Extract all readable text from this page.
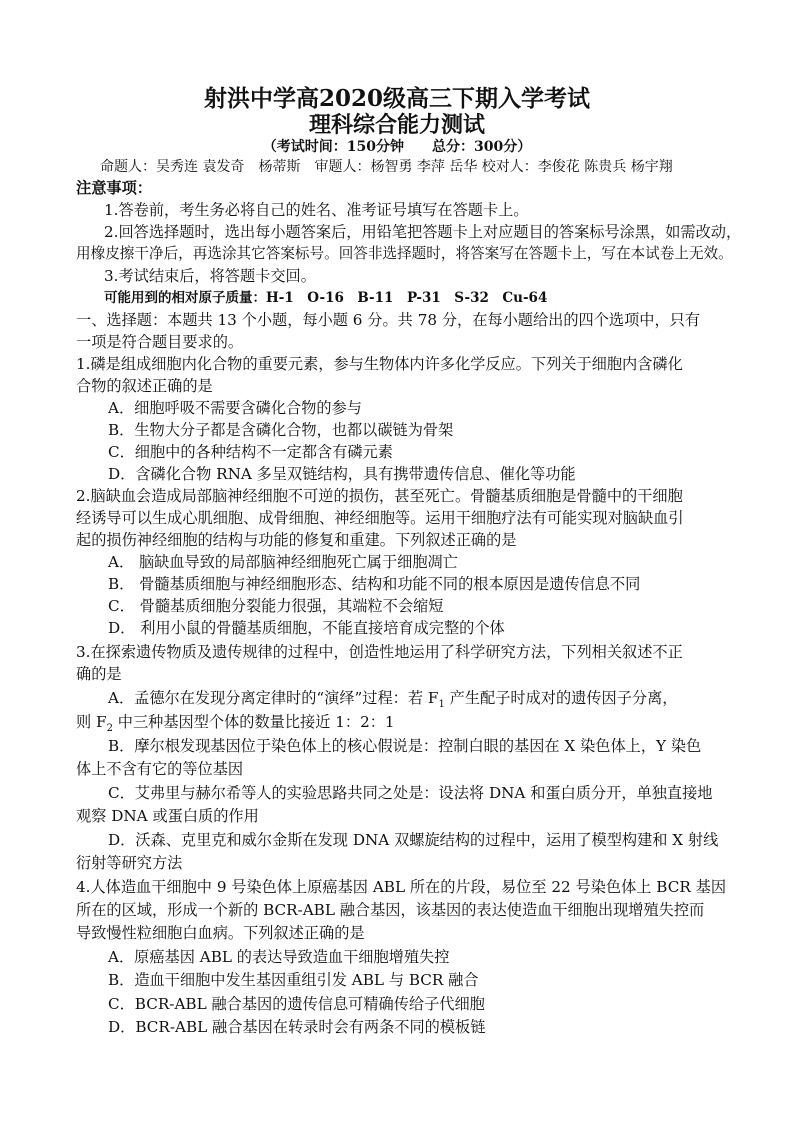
射洪中学高2020级高三下期入学考试
理科综合能力测试
（考试时间：150分钟　　总分：300分）
命题人：吴秀连 袁发奇　杨蒂斯　审题人：杨智勇 李萍 岳华 校对人：李俊花 陈贵兵 杨宇翔
注意事项：
1.答卷前，考生务必将自己的姓名、准考证号填写在答题卡上。
2.回答选择题时，选出每小题答案后，用铅笔把答题卡上对应题目的答案标号涂黑，如需改动，
用橡皮擦干净后，再选涂其它答案标号。回答非选择题时，将答案写在答题卡上，写在本试卷上无效。
3.考试结束后，将答题卡交回。
可能用到的相对原子质量：H-1　O-16　B-11　P-31　S-32　Cu-64
一、选择题：本题共 13 个小题，每小题 6 分。共 78 分，在每小题给出的四个选项中，只有
一项是符合题目要求的。
1.磷是组成细胞内化合物的重要元素，参与生物体内许多化学反应。下列关于细胞内含磷化
合物的叙述正确的是
A．细胞呼吸不需要含磷化合物的参与
B．生物大分子都是含磷化合物，也都以碳链为骨架
C．细胞中的各种结构不一定都含有磷元素
D．含磷化合物 RNA 多呈双链结构，具有携带遗传信息、催化等功能
2.脑缺血会造成局部脑神经细胞不可逆的损伤，甚至死亡。骨髓基质细胞是骨髓中的干细胞
经诱导可以生成心肌细胞、成骨细胞、神经细胞等。运用干细胞疗法有可能实现对脑缺血引
起的损伤神经细胞的结构与功能的修复和重建。下列叙述正确的是
A． 脑缺血导致的局部脑神经细胞死亡属于细胞凋亡
B． 骨髓基质细胞与神经细胞形态、结构和功能不同的根本原因是遗传信息不同
C． 骨髓基质细胞分裂能力很强，其端粒不会缩短
D． 利用小鼠的骨髓基质细胞，不能直接培育成完整的个体
3.在探索遗传物质及遗传规律的过程中，创造性地运用了科学研究方法，下列相关叙述不正
确的是
A．孟德尔在发现分离定律时的“演绎”过程：若 $F_1$ 产生配子时成对的遗传因子分离，
则 $F_2$ 中三种基因型个体的数量比接近 1：2：1
B．摩尔根发现基因位于染色体上的核心假说是：控制白眼的基因在 X 染色体上，Y 染色
体上不含有它的等位基因
C．艾弗里与赫尔希等人的实验思路共同之处是：设法将 DNA 和蛋白质分开，单独直接地
观察 DNA 或蛋白质的作用
D．沃森、克里克和威尔金斯在发现 DNA 双螺旋结构的过程中，运用了模型构建和 X 射线
衍射等研究方法
4.人体造血干细胞中 9 号染色体上原癌基因 ABL 所在的片段，易位至 22 号染色体上 BCR 基因
所在的区域，形成一个新的 BCR-ABL 融合基因，该基因的表达使造血干细胞出现增殖失控而
导致慢性粒细胞白血病。下列叙述正确的是
A．原癌基因 ABL 的表达导致造血干细胞增殖失控
B．造血干细胞中发生基因重组引发 ABL 与 BCR 融合
C．BCR-ABL 融合基因的遗传信息可精确传给子代细胞
D．BCR-ABL 融合基因在转录时会有两条不同的模板链
